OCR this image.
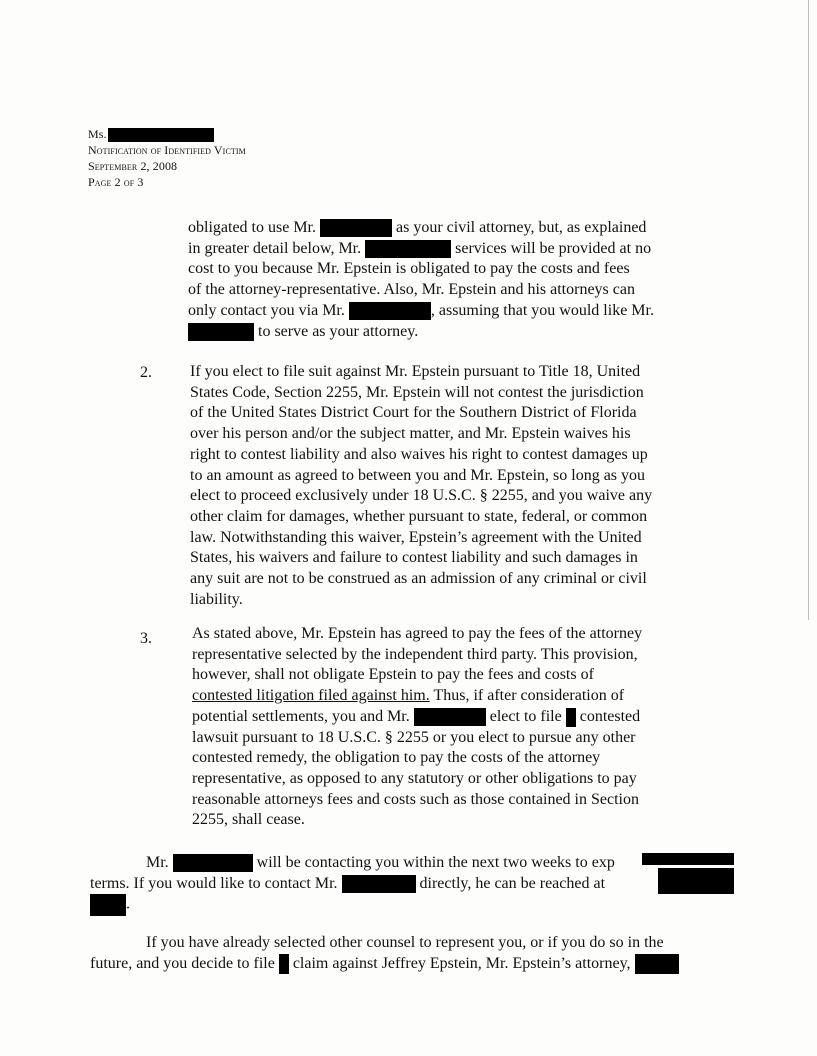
Ms.
Notification of Identified Victim
September 2, 2008
Page 2 of 3
obligated to use Mr.	as your civil attorney, but, as explained
in greater detail below, Mr.	services will be provided at no
cost to you because Mr. Epstein is obligated to pay the costs and fees
of the attorney-representative. Also, Mr. Epstein and his attorneys can
only contact you via Mr.	, assuming that you would like Mr.
to serve as your attorney.
2. If you elect to file suit against Mr. Epstein pursuant to Title 18, United
States Code, Section 2255, Mr. Epstein will not contest the jurisdiction
of the United States District Court for the Southern District of Florida
over his person and/or the subject matter, and Mr. Epstein waives his
right to contest liability and also waives his right to contest damages up
to an amount as agreed to between you and Mr. Epstein, so long as you
elect to proceed exclusively under 18 U.S.C. § 2255, and you waive any
other claim for damages, whether pursuant to state, federal, or common
law. Notwithstanding this waiver, Epstein’s agreement with the United
States, his waivers and failure to contest liability and such damages in
any suit are not to be construed as an admission of any criminal or civil
liability.
3.	As stated above, Mr. Epstein has agreed to pay the fees of the attorney
representative selected by the independent third party. This provision,
however, shall not obligate Epstein to pay the fees and costs of
contested litigation filed against him. Thus, if after consideration of
potential settlements, you and Mr.	elect to file contested
lawsuit pursuant to 18 U.S.C. § 2255 or you elect to pursue any other
contested remedy, the obligation to pay the costs of the attorney
representative, as opposed to any statutory or other obligations to pay
reasonable attorneys fees and costs such as those contained in Section
2255, shall cease.
Mr.	will be contacting you within the next two weeks to exp
terms. If you would like to contact Mr.	directly, he can be reached at
.
If you have already selected other counsel to represent you, or if you do so in the
future, and you decide to file claim against Jeffrey Epstein, Mr. Epstein’s attorney,
